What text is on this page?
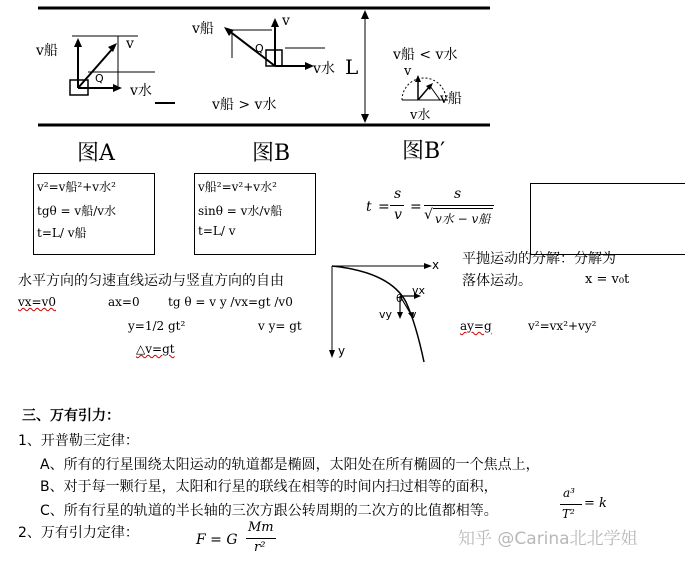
v船	v
Q
v水
图A
v船	v
Q
v水
v船 > v水
图B
L v船 < v水
v
v船
v水
图B′
v²=v船²+v水²
tgθ = v船/v水
t=L/ v船
v船²=v²+v水²
sinθ = v水/v船
t=L/ v
t =
s
v =
s
√ v水 − v船
平抛运动的分解：分解为
落体运动。	x = v₀t
水平方向的匀速直线运动与竖直方向的自由
vx=v0	ax=0 tg θ = v y /vx=gt /v0
y=1/2 gt²	v y= gt
△v=gt
ay=g	v²=vx²+vy²
x
y
vx
vy v
θ
三、万有引力：
1、开普勒三定律：
A、所有的行星围绕太阳运动的轨道都是椭圆，太阳处在所有椭圆的一个焦点上，
B、对于每一颗行星，太阳和行星的联线在相等的时间内扫过相等的面积，
C、所有行星的轨道的半长轴的三次方跟公转周期的二次方的比值都相等。
a³
T²
= k
2、万有引力定律：	F = G
Mm
r²	知乎 @Carina北北学姐
